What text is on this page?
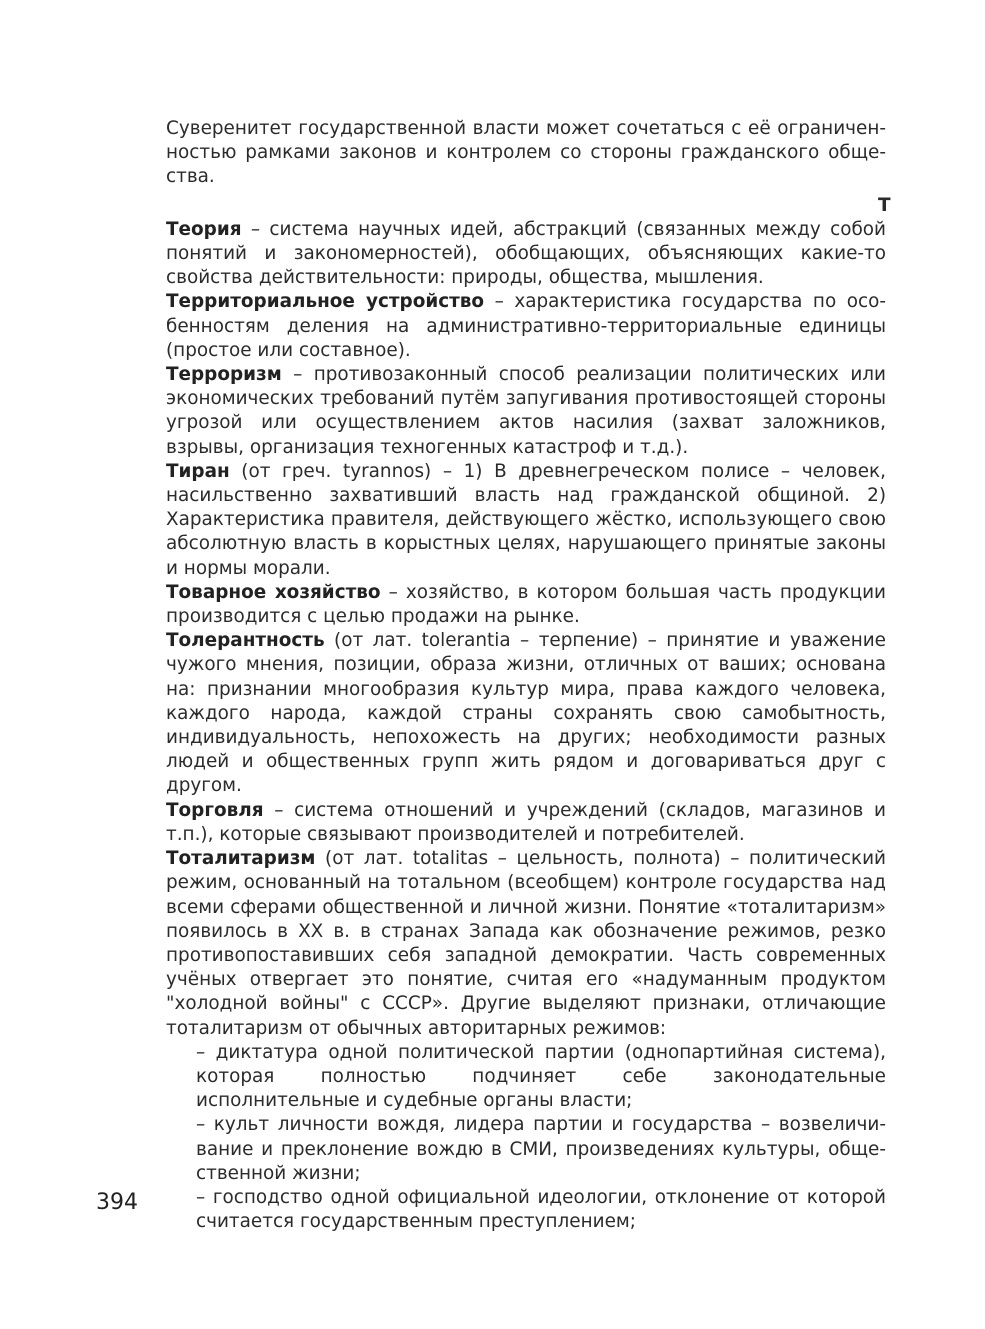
Суверенитет государственной власти может сочетаться с её ограниченностью рамками законов и контролем со стороны гражданского общества.

Т

Теория – система научных идей, абстракций (связанных между собой понятий и закономерностей), обобщающих, объясняющих какие-то свойства действительности: природы, общества, мышления.

Территориальное устройство – характеристика государства по особенностям деления на административно-территориальные единицы (простое или составное).

Терроризм – противозаконный способ реализации политических или экономических требований путём запугивания противостоящей стороны угрозой или осуществлением актов насилия (захват заложников, взрывы, организация техногенных катастроф и т.д.).

Тиран (от греч. tyrannos) – 1) В древнегреческом полисе – человек, насильственно захвативший власть над гражданской общиной. 2) Характеристика правителя, действующего жёстко, использующего свою абсолютную власть в корыстных целях, нарушающего принятые законы и нормы морали.

Товарное хозяйство – хозяйство, в котором большая часть продукции производится с целью продажи на рынке.

Толерантность (от лат. tolerantia – терпение) – принятие и уважение чужого мнения, позиции, образа жизни, отличных от ваших; основана на: признании многообразия культур мира, права каждого человека, каждого народа, каждой страны сохранять свою самобытность, индивидуальность, непохожесть на других; необходимости разных людей и общественных групп жить рядом и договариваться друг с другом.

Торговля – система отношений и учреждений (складов, магазинов и т.п.), которые связывают производителей и потребителей.

Тоталитаризм (от лат. totalitas – цельность, полнота) – политический режим, основанный на тотальном (всеобщем) контроле государства над всеми сферами общественной и личной жизни. Понятие «тоталитаризм» появилось в XX в. в странах Запада как обозначение режимов, резко противопоставивших себя западной демократии. Часть современных учёных отвергает это понятие, считая его «надуманным продуктом "холодной войны" с СССР». Другие выделяют признаки, отличающие тоталитаризм от обычных авторитарных режимов:

– диктатура одной политической партии (однопартийная система), которая полностью подчиняет себе законодательные исполнительные и судебные органы власти;
– культ личности вождя, лидера партии и государства – возвеличивание и преклонение вождю в СМИ, произведениях культуры, общественной жизни;
– господство одной официальной идеологии, отклонение от которой считается государственным преступлением;
394
